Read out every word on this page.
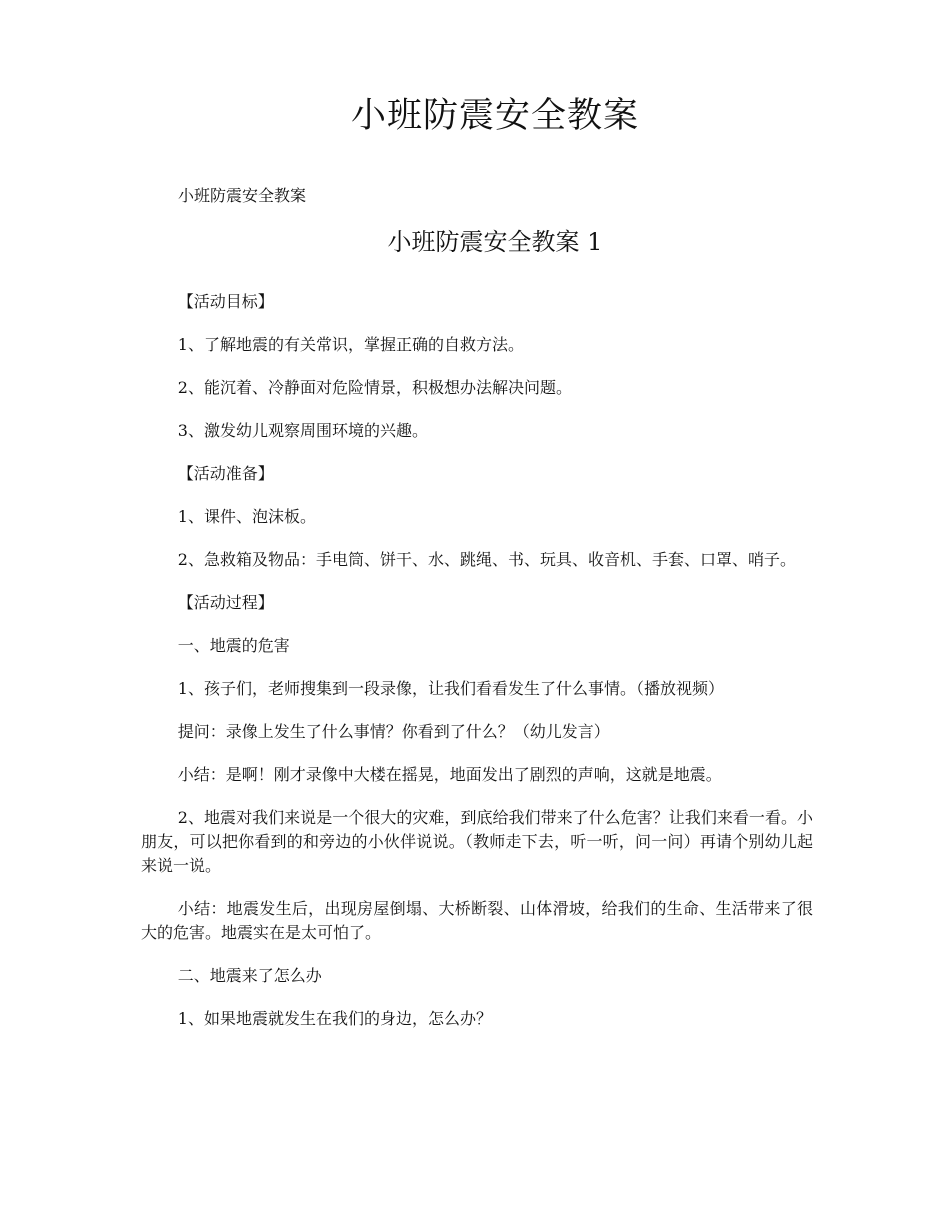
小班防震安全教案

小班防震安全教案

小班防震安全教案 1

【活动目标】

1、了解地震的有关常识，掌握正确的自救方法。

2、能沉着、冷静面对危险情景，积极想办法解决问题。

3、激发幼儿观察周围环境的兴趣。

【活动准备】

1、课件、泡沫板。

2、急救箱及物品：手电筒、饼干、水、跳绳、书、玩具、收音机、手套、口罩、哨子。

【活动过程】

一、地震的危害

1、孩子们，老师搜集到一段录像，让我们看看发生了什么事情。（播放视频）

提问：录像上发生了什么事情？你看到了什么？（幼儿发言）

小结：是啊！刚才录像中大楼在摇晃，地面发出了剧烈的声响，这就是地震。

2、地震对我们来说是一个很大的灾难，到底给我们带来了什么危害？让我们来看一看。小朋友，可以把你看到的和旁边的小伙伴说说。（教师走下去，听一听，问一问）再请个别幼儿起来说一说。

小结：地震发生后，出现房屋倒塌、大桥断裂、山体滑坡，给我们的生命、生活带来了很大的危害。地震实在是太可怕了。

二、地震来了怎么办

1、如果地震就发生在我们的身边，怎么办？
